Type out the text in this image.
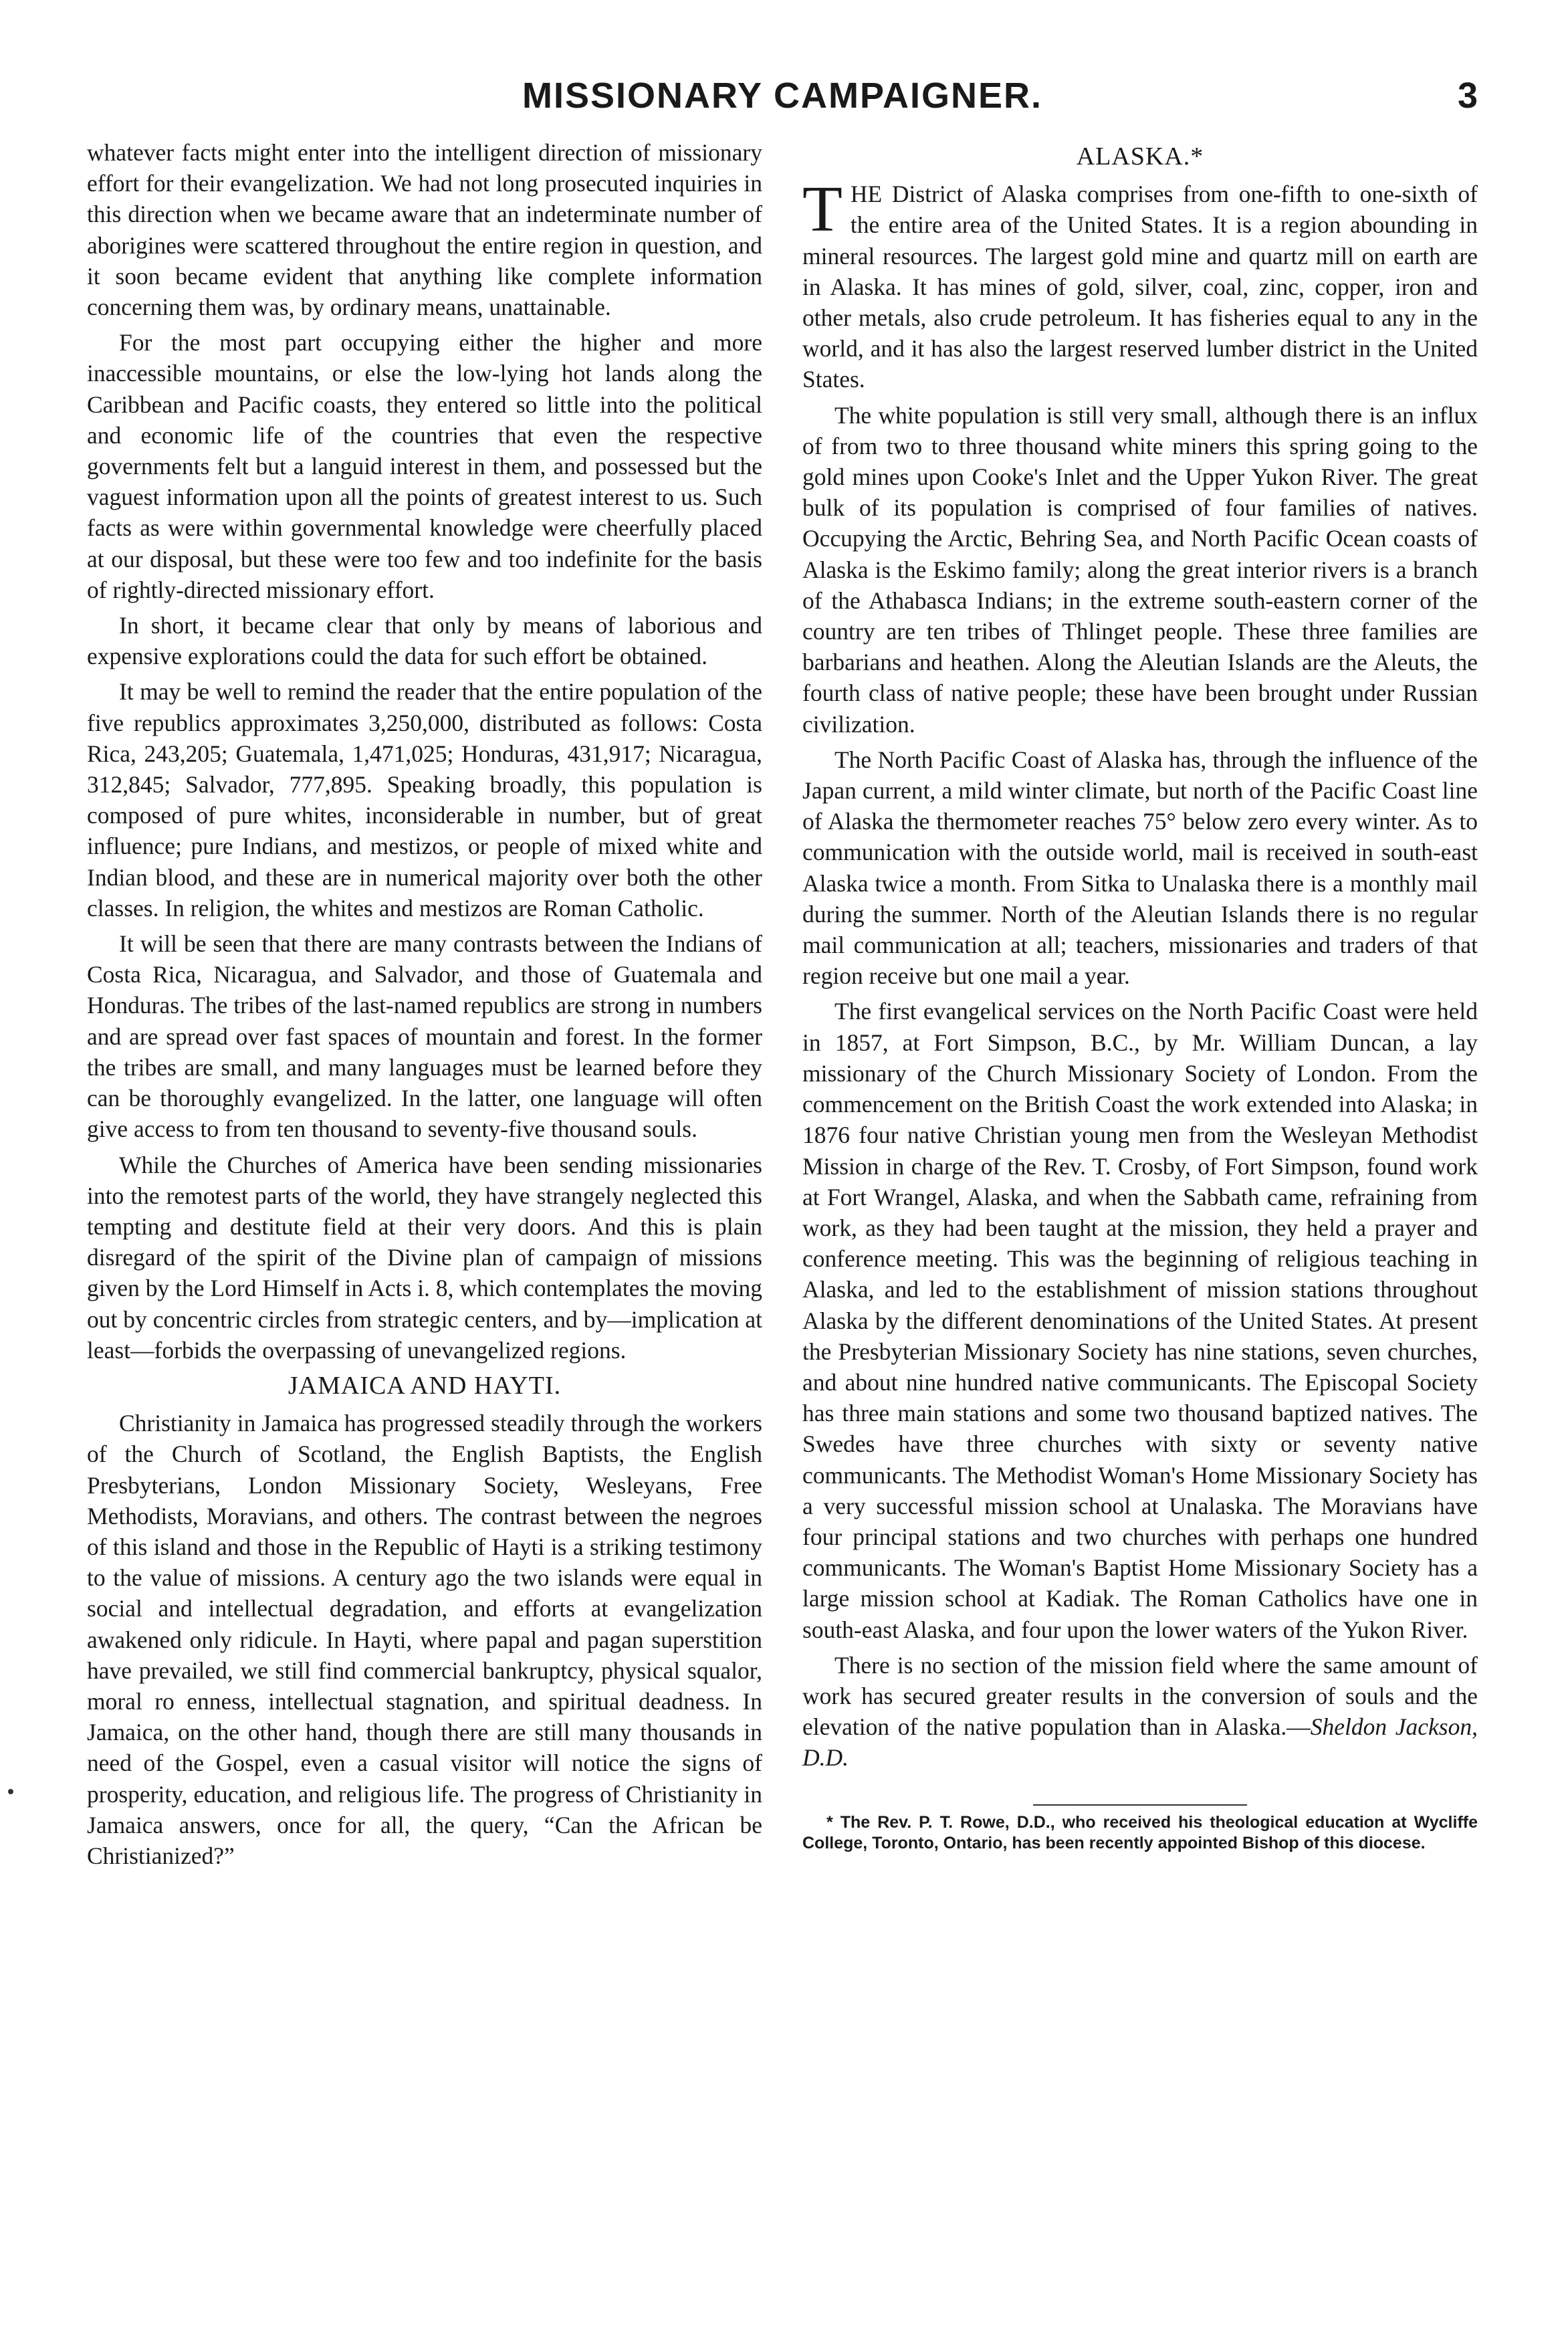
MISSIONARY CAMPAIGNER.	3

whatever facts might enter into the intelligent direction of missionary effort for their evangelization. We had not long prosecuted inquiries in this direction when we became aware that an indeterminate number of aborigines were scattered throughout the entire region in question, and it soon became evident that anything like complete information concerning them was, by ordinary means, unattainable.

For the most part occupying either the higher and more inaccessible mountains, or else the low-lying hot lands along the Caribbean and Pacific coasts, they entered so little into the political and economic life of the countries that even the respective governments felt but a languid interest in them, and possessed but the vaguest information upon all the points of greatest interest to us. Such facts as were within governmental knowledge were cheerfully placed at our disposal, but these were too few and too indefinite for the basis of rightly-directed missionary effort.

In short, it became clear that only by means of laborious and expensive explorations could the data for such effort be obtained.

It may be well to remind the reader that the entire population of the five republics approximates 3,250,000, distributed as follows: Costa Rica, 243,205; Guatemala, 1,471,025; Honduras, 431,917; Nicaragua, 312,845; Salvador, 777,895. Speaking broadly, this population is composed of pure whites, inconsiderable in number, but of great influence; pure Indians, and mestizos, or people of mixed white and Indian blood, and these are in numerical majority over both the other classes. In religion, the whites and mestizos are Roman Catholic.

It will be seen that there are many contrasts between the Indians of Costa Rica, Nicaragua, and Salvador, and those of Guatemala and Honduras. The tribes of the last-named republics are strong in numbers and are spread over fast spaces of mountain and forest. In the former the tribes are small, and many languages must be learned before they can be thoroughly evangelized. In the latter, one language will often give access to from ten thousand to seventy-five thousand souls.

While the Churches of America have been sending missionaries into the remotest parts of the world, they have strangely neglected this tempting and destitute field at their very doors. And this is plain disregard of the spirit of the Divine plan of campaign of missions given by the Lord Himself in Acts i. 8, which contemplates the moving out by concentric circles from strategic centers, and by—implication at least—forbids the overpassing of unevangelized regions.

JAMAICA AND HAYTI.

Christianity in Jamaica has progressed steadily through the workers of the Church of Scotland, the English Baptists, the English Presbyterians, London Missionary Society, Wesleyans, Free Methodists, Moravians, and others. The contrast between the negroes of this island and those in the Republic of Hayti is a striking testimony to the value of missions. A century ago the two islands were equal in social and intellectual degradation, and efforts at evangelization awakened only ridicule. In Hayti, where papal and pagan superstition have prevailed, we still find commercial bankruptcy, physical squalor, moral ro enness, intellectual stagnation, and spiritual deadness. In Jamaica, on the other hand, though there are still many thousands in need of the Gospel, even a casual visitor will notice the signs of prosperity, education, and religious life. The progress of Christianity in Jamaica answers, once for all, the query, “Can the African be Christianized?”

ALASKA.*

THE District of Alaska comprises from one-fifth to one-sixth of the entire area of the United States. It is a region abounding in mineral resources. The largest gold mine and quartz mill on earth are in Alaska. It has mines of gold, silver, coal, zinc, copper, iron and other metals, also crude petroleum. It has fisheries equal to any in the world, and it has also the largest reserved lumber district in the United States.

The white population is still very small, although there is an influx of from two to three thousand white miners this spring going to the gold mines upon Cooke's Inlet and the Upper Yukon River. The great bulk of its population is comprised of four families of natives. Occupying the Arctic, Behring Sea, and North Pacific Ocean coasts of Alaska is the Eskimo family; along the great interior rivers is a branch of the Athabasca Indians; in the extreme south-eastern corner of the country are ten tribes of Thlinget people. These three families are barbarians and heathen. Along the Aleutian Islands are the Aleuts, the fourth class of native people; these have been brought under Russian civilization.

The North Pacific Coast of Alaska has, through the influence of the Japan current, a mild winter climate, but north of the Pacific Coast line of Alaska the thermometer reaches 75° below zero every winter. As to communication with the outside world, mail is received in south-east Alaska twice a month. From Sitka to Unalaska there is a monthly mail during the summer. North of the Aleutian Islands there is no regular mail communication at all; teachers, missionaries and traders of that region receive but one mail a year.

The first evangelical services on the North Pacific Coast were held in 1857, at Fort Simpson, B.C., by Mr. William Duncan, a lay missionary of the Church Missionary Society of London. From the commencement on the British Coast the work extended into Alaska; in 1876 four native Christian young men from the Wesleyan Methodist Mission in charge of the Rev. T. Crosby, of Fort Simpson, found work at Fort Wrangel, Alaska, and when the Sabbath came, refraining from work, as they had been taught at the mission, they held a prayer and conference meeting. This was the beginning of religious teaching in Alaska, and led to the establishment of mission stations throughout Alaska by the different denominations of the United States. At present the Presbyterian Missionary Society has nine stations, seven churches, and about nine hundred native communicants. The Episcopal Society has three main stations and some two thousand baptized natives. The Swedes have three churches with sixty or seventy native communicants. The Methodist Woman's Home Missionary Society has a very successful mission school at Unalaska. The Moravians have four principal stations and two churches with perhaps one hundred communicants. The Woman's Baptist Home Missionary Society has a large mission school at Kadiak. The Roman Catholics have one in south-east Alaska, and four upon the lower waters of the Yukon River.

There is no section of the mission field where the same amount of work has secured greater results in the conversion of souls and the elevation of the native population than in Alaska.—Sheldon Jackson, D.D.

* The Rev. P. T. Rowe, D.D., who received his theological education at Wycliffe College, Toronto, Ontario, has been recently appointed Bishop of this diocese.
